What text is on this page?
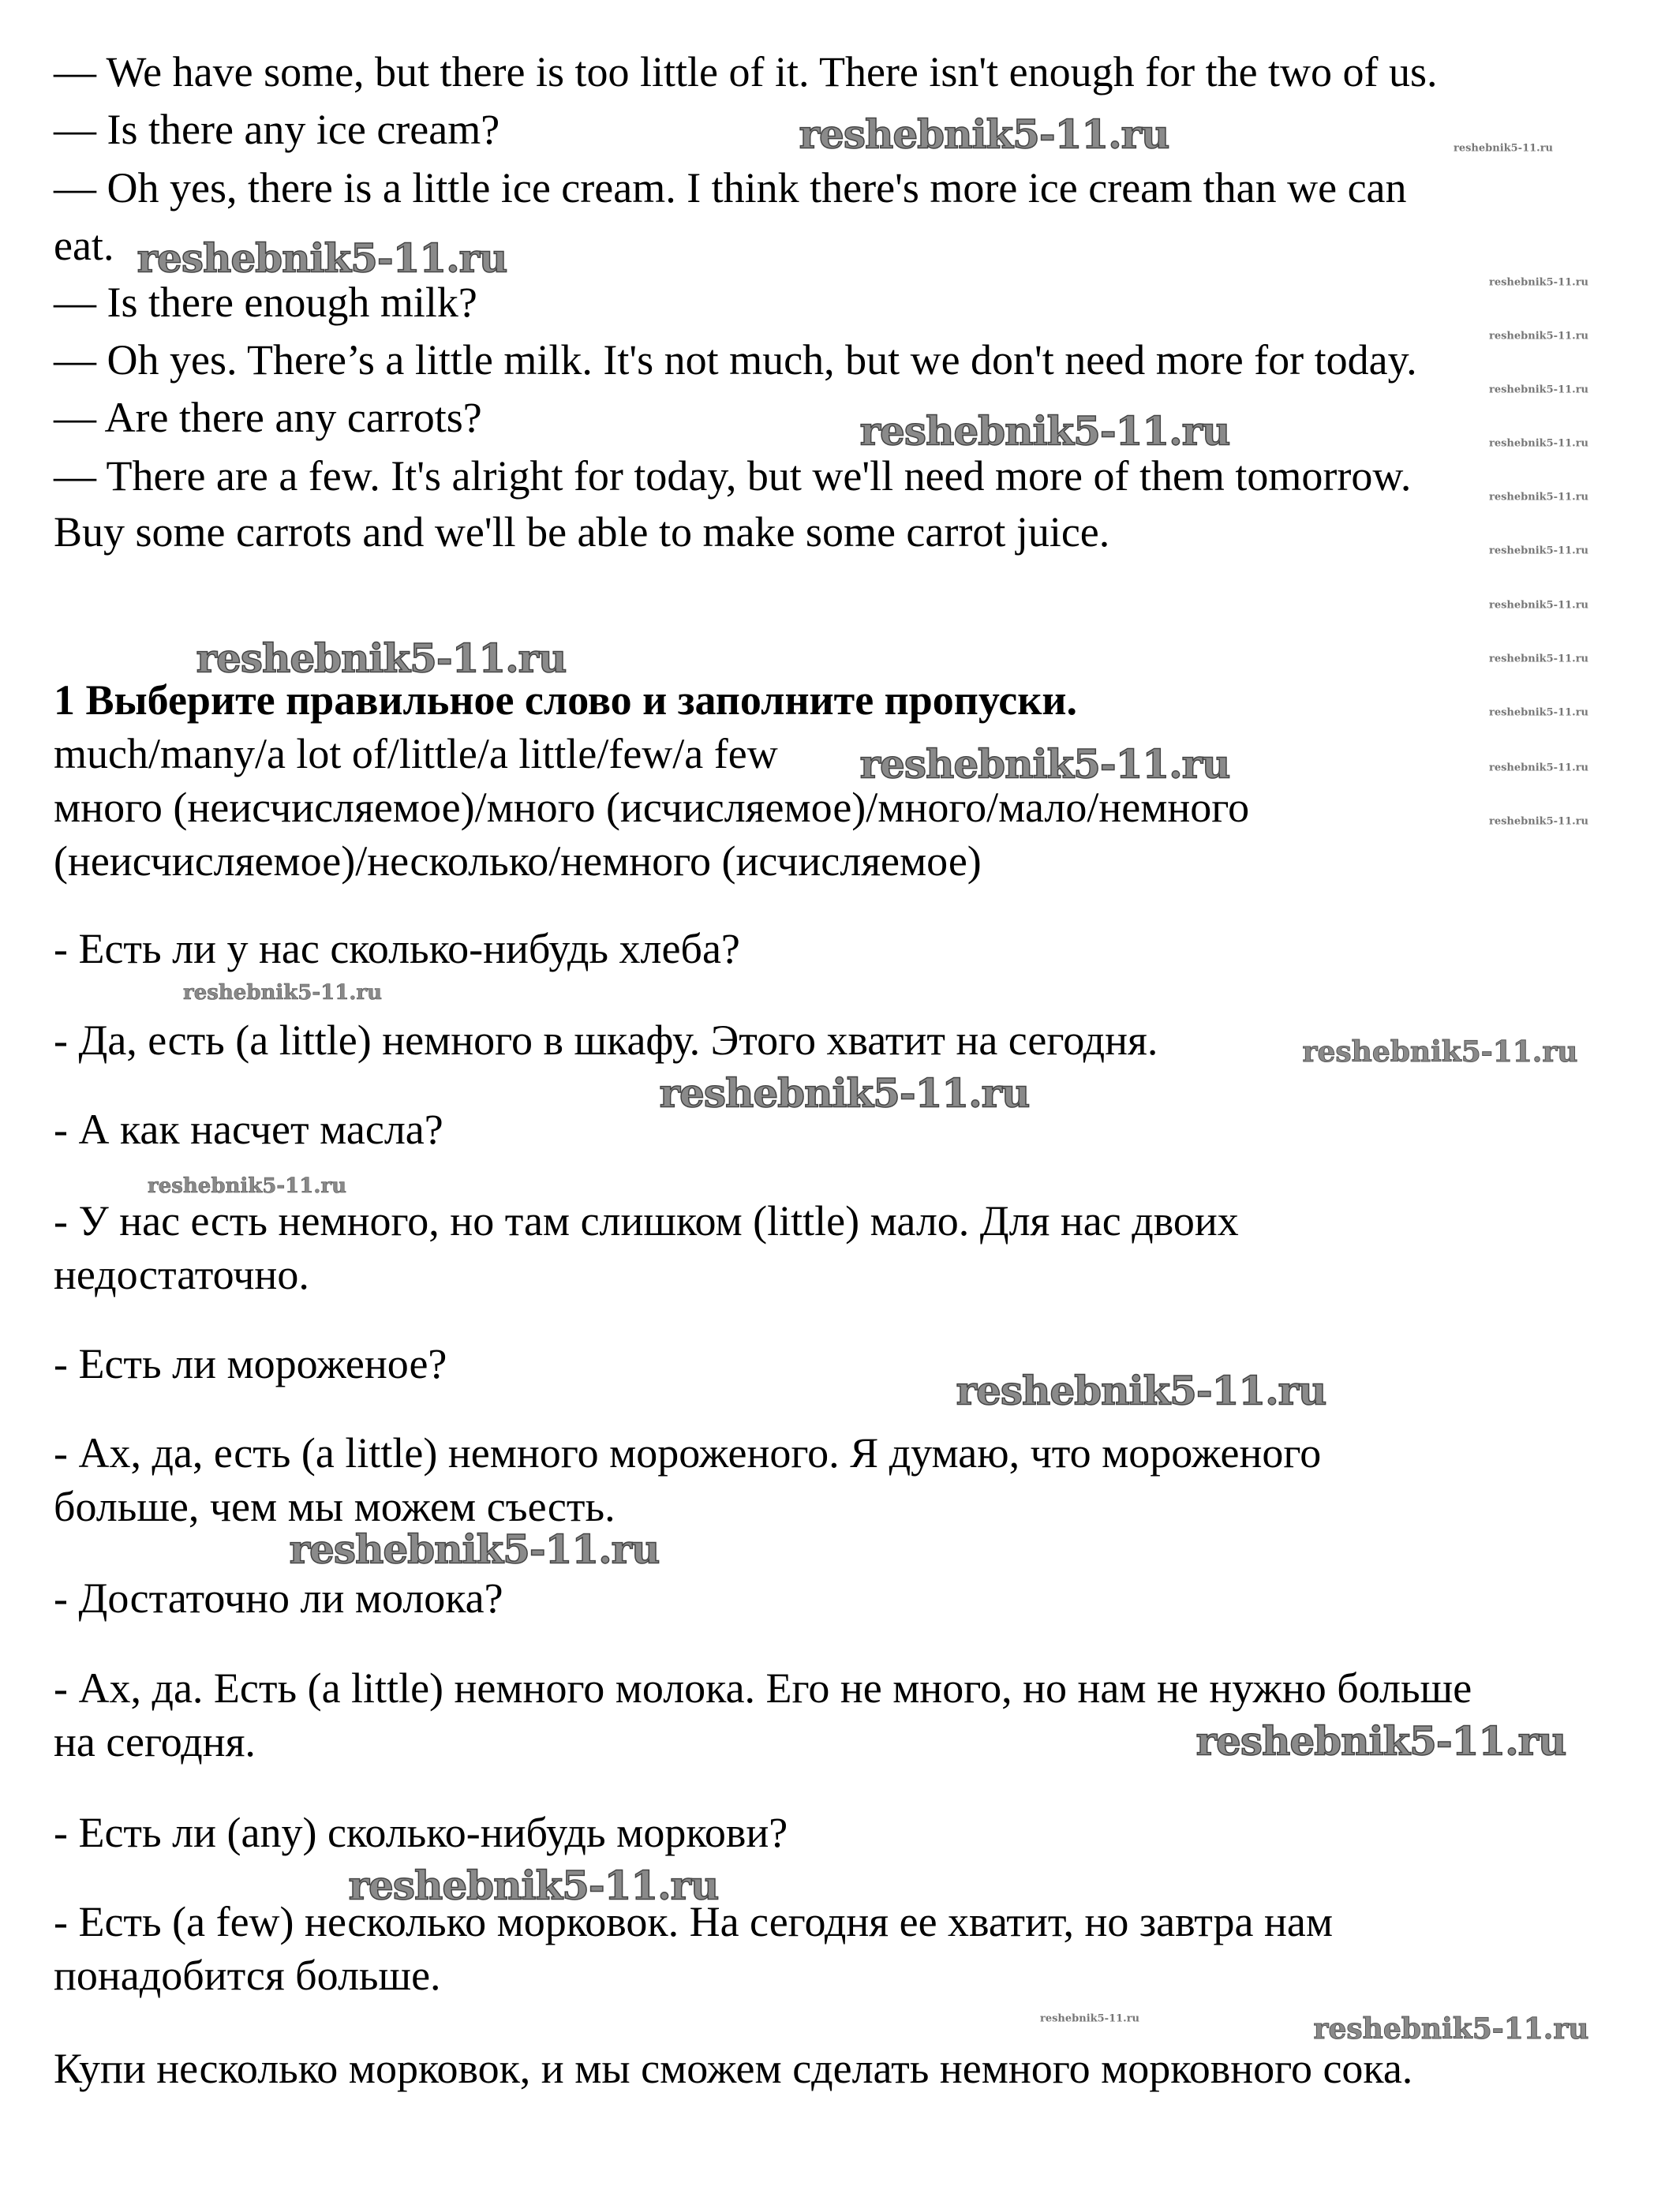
— We have some, but there is too little of it. There isn't enough for the two of us.
— Is there any ice cream?
— Oh yes, there is a little ice cream. I think there's more ice cream than we can
eat.
— Is there enough milk?
— Oh yes. There’s a little milk. It's not much, but we don't need more for today.
— Are there any carrots?
— There are a few. It's alright for today, but we'll need more of them tomorrow.
Buy some carrots and we'll be able to make some carrot juice.
1 Выберите правильное слово и заполните пропуски.
much/many/a lot of/little/a little/few/a few
много (неисчисляемое)/много (исчисляемое)/много/мало/немного
(неисчисляемое)/несколько/немного (исчисляемое)
- Есть ли у нас сколько-нибудь хлеба?
- Да, есть (a little) немного в шкафу. Этого хватит на сегодня.
- А как насчет масла?
- У нас есть немного, но там слишком (little) мало. Для нас двоих
недостаточно.
- Есть ли мороженое?
- Ах, да, есть (a little) немного мороженого. Я думаю, что мороженого
больше, чем мы можем съесть.
- Достаточно ли молока?
- Ах, да. Есть (a little) немного молока. Его не много, но нам не нужно больше
на сегодня.
- Есть ли (any) сколько-нибудь моркови?
- Есть (a few) несколько морковок. На сегодня ее хватит, но завтра нам
понадобится больше.
Купи несколько морковок, и мы сможем сделать немного морковного сока.
reshebnik5-11.ru
reshebnik5-11.ru
reshebnik5-11.ru
reshebnik5-11.ru
reshebnik5-11.ru
reshebnik5-11.ru
reshebnik5-11.ru
reshebnik5-11.ru
reshebnik5-11.ru
reshebnik5-11.ru
reshebnik5-11.ru
reshebnik5-11.ru
reshebnik5-11.ru
reshebnik5-11.ru
reshebnik5-11.ru
reshebnik5-11.ru
reshebnik5-11.ru
reshebnik5-11.ru
reshebnik5-11.ru
reshebnik5-11.ru
reshebnik5-11.ru
reshebnik5-11.ru
reshebnik5-11.ru
reshebnik5-11.ru
reshebnik5-11.ru
reshebnik5-11.ru
reshebnik5-11.ru
